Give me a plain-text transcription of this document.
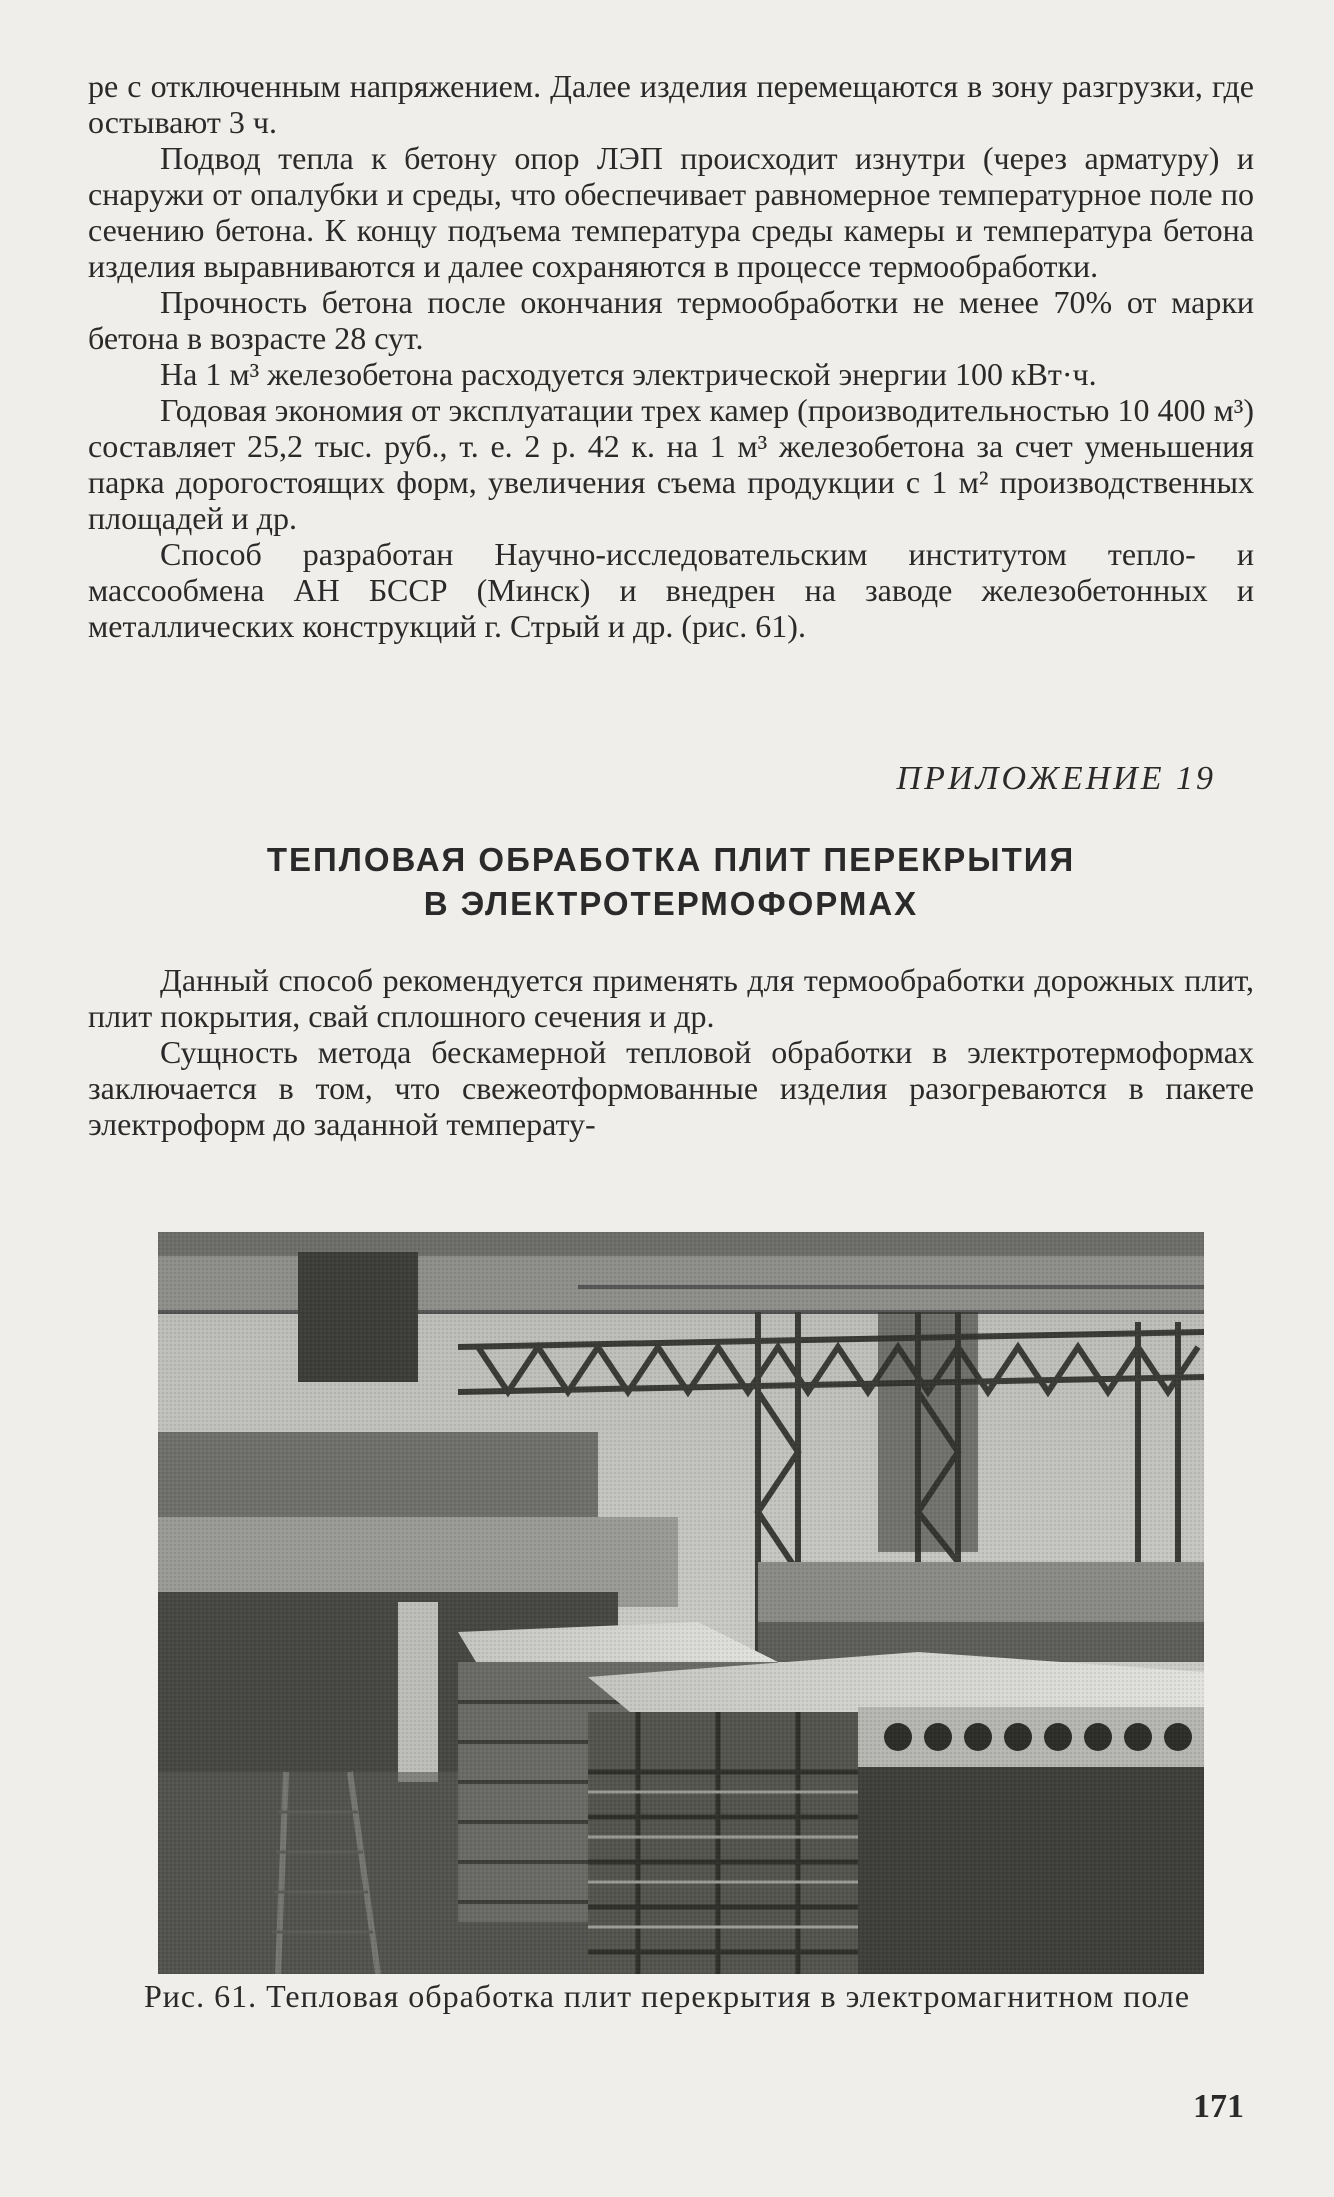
ре с отключенным напряжением. Далее изделия перемещаются в зону разгрузки, где остывают 3 ч.

Подвод тепла к бетону опор ЛЭП происходит изнутри (через арматуру) и снаружи от опалубки и среды, что обеспечивает равномерное температурное поле по сечению бетона. К концу подъема температура среды камеры и температура бетона изделия выравниваются и далее сохраняются в процессе термообработки.

Прочность бетона после окончания термообработки не менее 70% от марки бетона в возрасте 28 сут.

На 1 м³ железобетона расходуется электрической энергии 100 кВт·ч.

Годовая экономия от эксплуатации трех камер (производительностью 10 400 м³) составляет 25,2 тыс. руб., т. е. 2 р. 42 к. на 1 м³ железобетона за счет уменьшения парка дорогостоящих форм, увеличения съема продукции с 1 м² производственных площадей и др.

Способ разработан Научно-исследовательским институтом тепло- и массообмена АН БССР (Минск) и внедрен на заводе железобетонных и металлических конструкций г. Стрый и др. (рис. 61).

ПРИЛОЖЕНИЕ 19
ТЕПЛОВАЯ ОБРАБОТКА ПЛИТ ПЕРЕКРЫТИЯ
В ЭЛЕКТРОТЕРМОФОРМАХ

Данный способ рекомендуется применять для термообработки дорожных плит, плит покрытия, свай сплошного сечения и др.

Сущность метода бескамерной тепловой обработки в электротермоформах заключается в том, что свежеотформованные изделия разогреваются в пакете электроформ до заданной температу-

Рис. 61. Тепловая обработка плит перекрытия в электромагнитном поле
171
